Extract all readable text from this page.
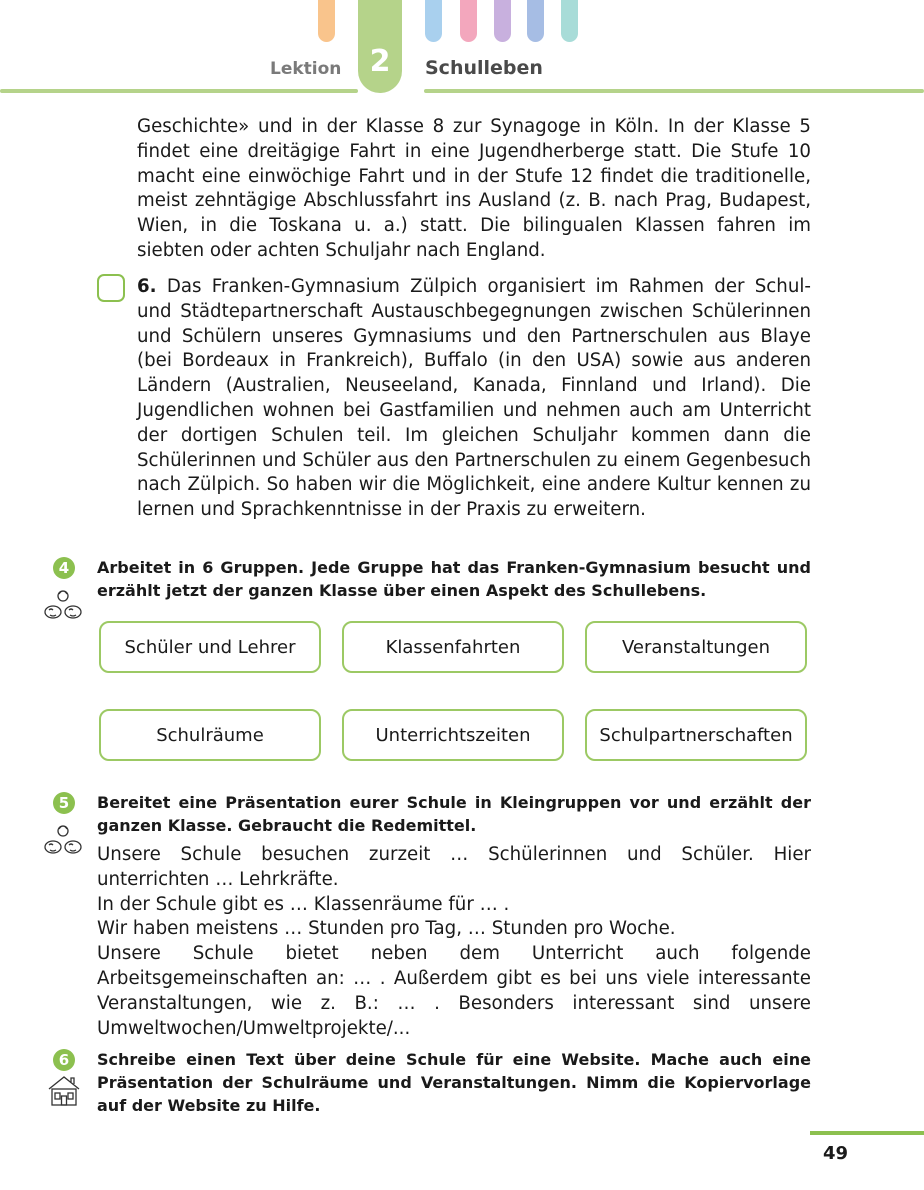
2
Lektion	Schulleben

Geschichte» und in der Klasse 8 zur Synagoge in Köln. In der Klasse 5 findet eine dreitägige Fahrt in eine Jugendherberge statt. Die Stufe 10 macht eine einwöchige Fahrt und in der Stufe 12 findet die traditionelle, meist zehntägige Abschlussfahrt ins Ausland (z. B. nach Prag, Budapest, Wien, in die Toskana u. a.) statt. Die bilingualen Klassen fahren im siebten oder achten Schuljahr nach England.

6. Das Franken-Gymnasium Zülpich organisiert im Rahmen der Schul- und Städtepartnerschaft Austauschbegegnungen zwischen Schülerinnen und Schülern unseres Gymnasiums und den Partnerschulen aus Blaye (bei Bordeaux in Frankreich), Buffalo (in den USA) sowie aus anderen Ländern (Australien, Neuseeland, Kanada, Finnland und Irland). Die Jugendlichen wohnen bei Gastfamilien und nehmen auch am Unterricht der dortigen Schulen teil. Im gleichen Schuljahr kommen dann die Schülerinnen und Schüler aus den Partnerschulen zu einem Gegenbesuch nach Zülpich. So haben wir die Möglichkeit, eine andere Kultur kennen zu lernen und Sprachkenntnisse in der Praxis zu erweitern.

4	Arbeitet in 6 Gruppen. Jede Gruppe hat das Franken-Gymnasium besucht und erzählt jetzt der ganzen Klasse über einen Aspekt des Schullebens.

Schüler und Lehrer	Klassenfahrten	Veranstaltungen
Schulräume	Unterrichtszeiten	Schulpartnerschaften
5	Bereitet eine Präsentation eurer Schule in Kleingruppen vor und erzählt der ganzen Klasse. Gebraucht die Redemittel.

Unsere Schule besuchen zurzeit … Schülerinnen und Schüler. Hier unterrichten … Lehrkräfte.
In der Schule gibt es … Klassenräume für … .
Wir haben meistens … Stunden pro Tag, … Stunden pro Woche.
Unsere Schule bietet neben dem Unterricht auch folgende Arbeitsgemeinschaften an: … . Außerdem gibt es bei uns viele interessante Veranstaltungen, wie z. B.: … . Besonders interessant sind unsere Umweltwochen/Umweltprojekte/...
6	Schreibe einen Text über deine Schule für eine Website. Mache auch eine Präsentation der Schulräume und Veranstaltungen. Nimm die Kopiervorlage auf der Website zu Hilfe.

49
